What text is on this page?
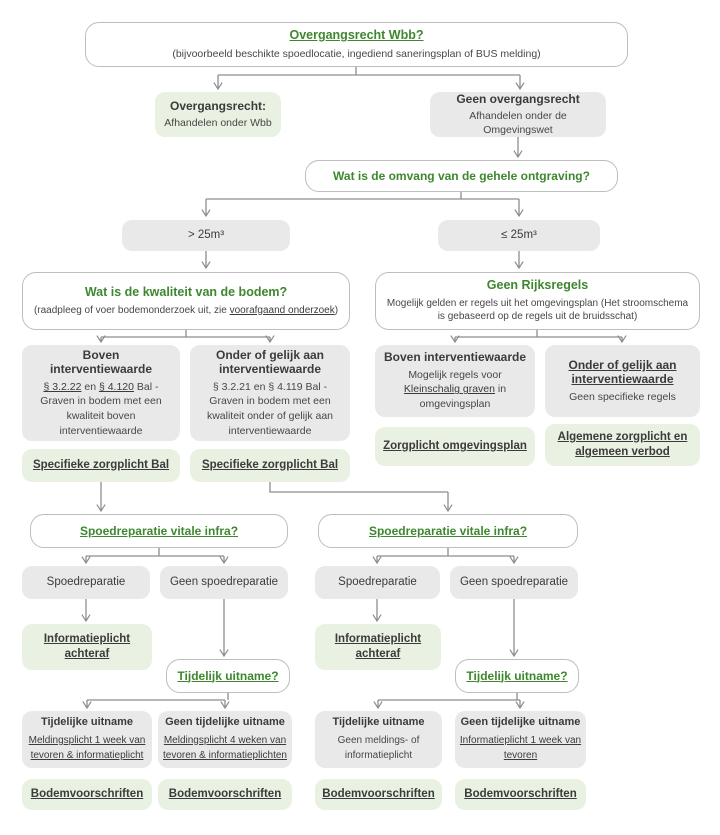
Overgangsrecht Wbb?
(bijvoorbeeld beschikte spoedlocatie, ingediend saneringsplan of BUS melding)
Overgangsrecht:
Afhandelen onder Wbb
Geen overgangsrecht
Afhandelen onder de Omgevingswet
Wat is de omvang van de gehele ontgraving?
> 25m³	≤ 25m³
Wat is de kwaliteit van de bodem?
(raadpleeg of voer bodemonderzoek uit, zie voorafgaand onderzoek)
Geen Rijksregels
Mogelijk gelden er regels uit het omgevingsplan (Het stroomschema is gebaseerd op de regels uit de bruidsschat)
Boven interventiewaarde
§ 3.2.22 en § 4.120 Bal - Graven in bodem met een kwaliteit boven interventiewaarde
Onder of gelijk aan interventiewaarde
§ 3.2.21 en § 4.119 Bal - Graven in bodem met een kwaliteit onder of gelijk aan interventiewaarde
Boven interventiewaarde
Mogelijk regels voor Kleinschalig graven in omgevingsplan
Onder of gelijk aan interventiewaarde
Geen specifieke regels
Specifieke zorgplicht Bal	Specifieke zorgplicht Bal
Zorgplicht omgevingsplan
Algemene zorgplicht en algemeen verbod
Spoedreparatie vitale infra?	Spoedreparatie vitale infra?
Spoedreparatie	Geen spoedreparatie	Spoedreparatie	Geen spoedreparatie
Informatieplicht achteraf
Informatieplicht achteraf
Tijdelijk uitname?	Tijdelijk uitname?
Tijdelijke uitname
Meldingsplicht 1 week van tevoren & informatieplicht
Geen tijdelijke uitname
Meldingsplicht 4 weken van tevoren & informatieplichten
Tijdelijke uitname
Geen meldings- of informatieplicht
Geen tijdelijke uitname
Informatieplicht 1 week van tevoren
Bodemvoorschriften Bodemvoorschriften	Bodemvoorschriften	Bodemvoorschriften
